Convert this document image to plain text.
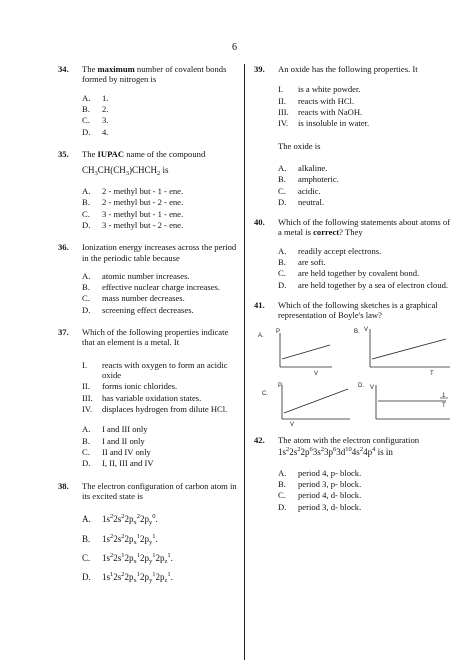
6
34. The maximum number of covalent bonds formed by nitrogen is
A. 1.
B. 2.
C. 3.
D. 4.
35. The IUPAC name of the compound
$CH_3CH(CH_3)CHCH_2$ is
A. 2 - methyl but - 1 - ene.
B. 2 - methyl but - 2 - ene.
C. 3 - methyl but - 1 - ene.
D. 3 - methyl but - 2 - ene.
36. Ionization energy increases across the period in the periodic table because
A. atomic number increases.
B. effective nuclear charge increases.
C. mass number decreases.
D. screening effect decreases.
37. Which of the following properties indicate that an element is a metal. It
I. reacts with oxygen to form an acidic oxide
II. forms ionic chlorides.
III. has variable oxidation states.
IV. displaces hydrogen from dilute HCl.
A. I and III only
B. I and II only
C. II and IV only
D. I, II, III and IV
38. The electron configuration of carbon atom in its excited state is
A. $1s^22s^22p_x^22p_y^0$.
B. $1s^22s^22p_x^12p_y^1$.
C. $1s^22s^12p_x^12p_y^12p_z^1$.
D. $1s^12s^22p_x^12p_y^12p_z^1$.
39. An oxide has the following properties. It
I. is a white powder.
II. reacts with HCl.
III. reacts with NaOH.
IV. is insoluble in water.
The oxide is
A. alkaline.
B. amphoteric.
C. acidic.
D. neutral.
40. Which of the following statements about atoms of a metal is correct? They
A. readily accept electrons.
B. are soft.
C. are held together by covalent bond.
D. are held together by a sea of electron cloud.
41. Which of the following sketches is a graphical representation of Boyle's law?
A.
P
V
B. V
T
C.
P
V
D. V
1
T
42. The atom with the electron configuration
$1s^22s^22p^63s^23p^63d^{10}4s^24p^4$ is in
A. period 4, p- block.
B. period 3, p- block.
C. period 4, d- block.
D. period 3, d- block.
